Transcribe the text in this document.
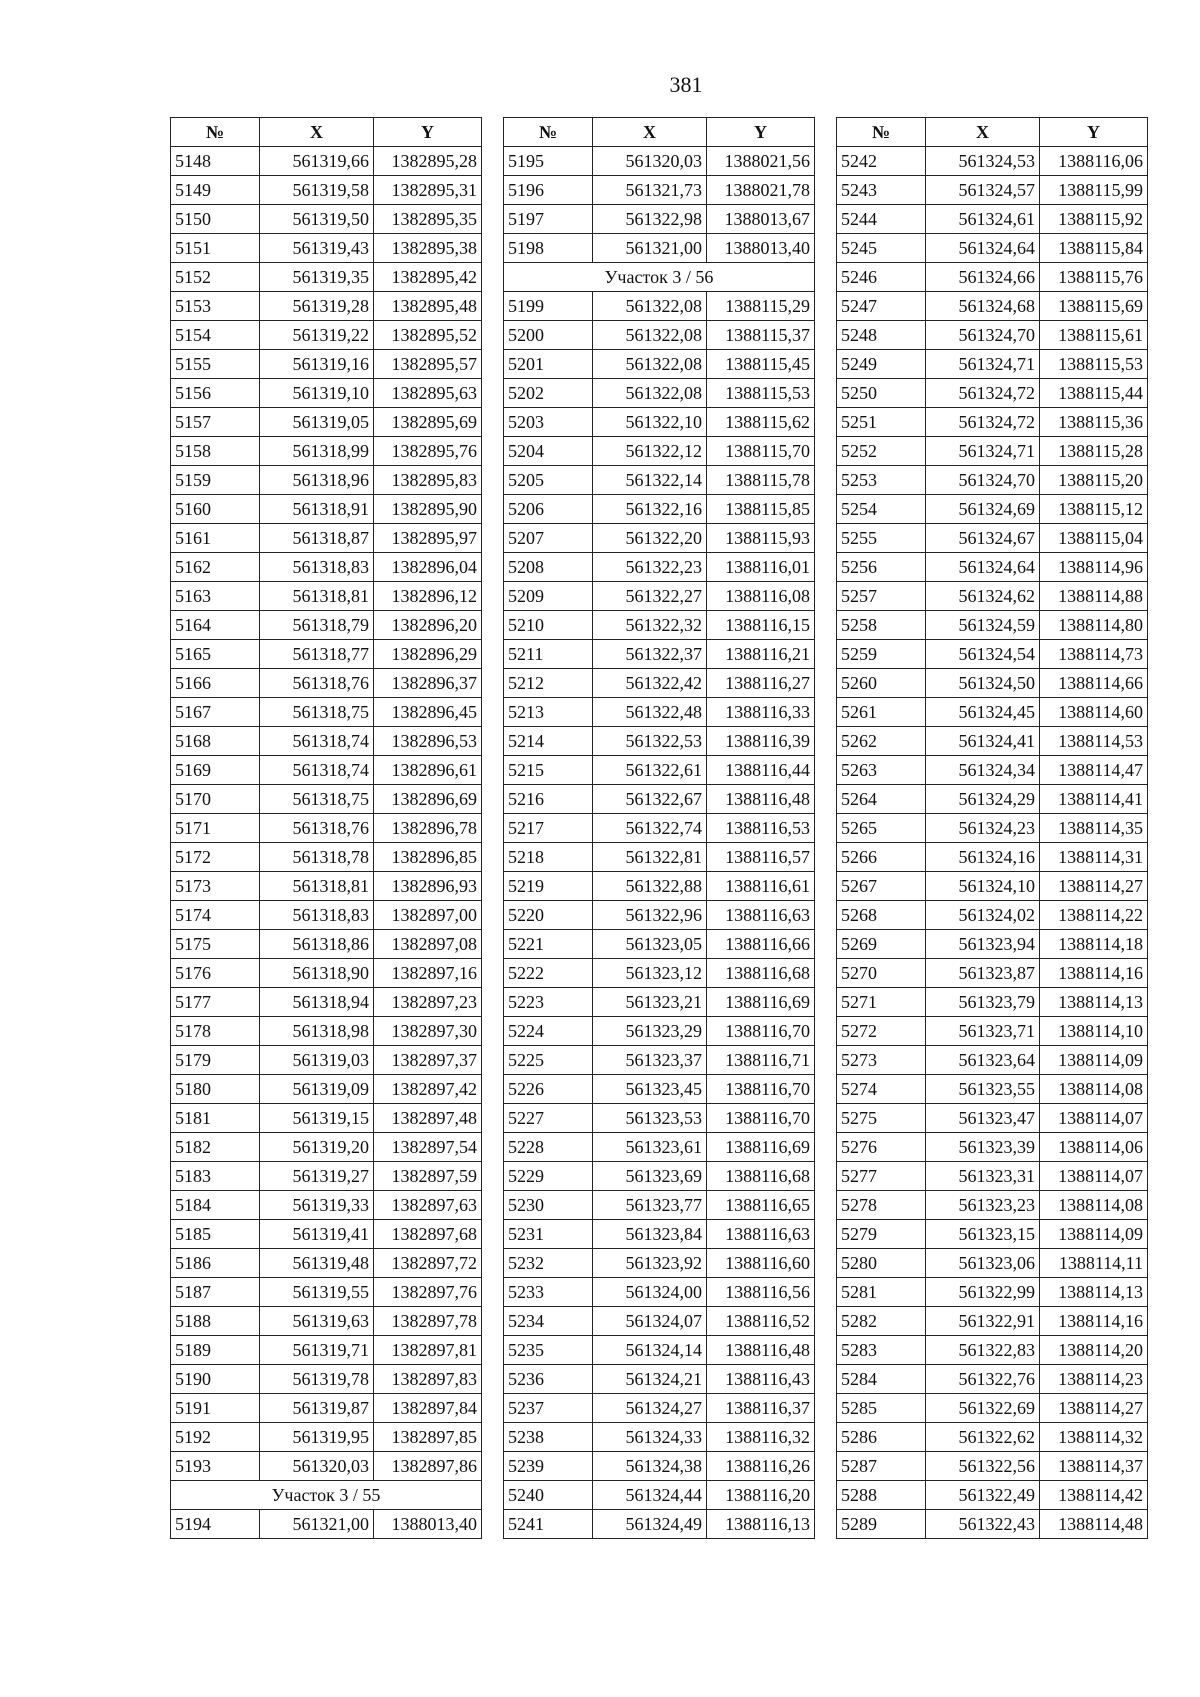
381
№	X	Y
5148	561319,66	1382895,28
5149	561319,58	1382895,31
5150	561319,50	1382895,35
5151	561319,43	1382895,38
5152	561319,35	1382895,42
5153	561319,28	1382895,48
5154	561319,22	1382895,52
5155	561319,16	1382895,57
5156	561319,10	1382895,63
5157	561319,05	1382895,69
5158	561318,99	1382895,76
5159	561318,96	1382895,83
5160	561318,91	1382895,90
5161	561318,87	1382895,97
5162	561318,83	1382896,04
5163	561318,81	1382896,12
5164	561318,79	1382896,20
5165	561318,77	1382896,29
5166	561318,76	1382896,37
5167	561318,75	1382896,45
5168	561318,74	1382896,53
5169	561318,74	1382896,61
5170	561318,75	1382896,69
5171	561318,76	1382896,78
5172	561318,78	1382896,85
5173	561318,81	1382896,93
5174	561318,83	1382897,00
5175	561318,86	1382897,08
5176	561318,90	1382897,16
5177	561318,94	1382897,23
5178	561318,98	1382897,30
5179	561319,03	1382897,37
5180	561319,09	1382897,42
5181	561319,15	1382897,48
5182	561319,20	1382897,54
5183	561319,27	1382897,59
5184	561319,33	1382897,63
5185	561319,41	1382897,68
5186	561319,48	1382897,72
5187	561319,55	1382897,76
5188	561319,63	1382897,78
5189	561319,71	1382897,81
5190	561319,78	1382897,83
5191	561319,87	1382897,84
5192	561319,95	1382897,85
5193	561320,03	1382897,86
Участок 3 / 55		
5194	561321,00	1388013,40
№	X	Y
5195	561320,03	1388021,56
5196	561321,73	1388021,78
5197	561322,98	1388013,67
5198	561321,00	1388013,40
Участок 3 / 56		
5199	561322,08	1388115,29
5200	561322,08	1388115,37
5201	561322,08	1388115,45
5202	561322,08	1388115,53
5203	561322,10	1388115,62
5204	561322,12	1388115,70
5205	561322,14	1388115,78
5206	561322,16	1388115,85
5207	561322,20	1388115,93
5208	561322,23	1388116,01
5209	561322,27	1388116,08
5210	561322,32	1388116,15
5211	561322,37	1388116,21
5212	561322,42	1388116,27
5213	561322,48	1388116,33
5214	561322,53	1388116,39
5215	561322,61	1388116,44
5216	561322,67	1388116,48
5217	561322,74	1388116,53
5218	561322,81	1388116,57
5219	561322,88	1388116,61
5220	561322,96	1388116,63
5221	561323,05	1388116,66
5222	561323,12	1388116,68
5223	561323,21	1388116,69
5224	561323,29	1388116,70
5225	561323,37	1388116,71
5226	561323,45	1388116,70
5227	561323,53	1388116,70
5228	561323,61	1388116,69
5229	561323,69	1388116,68
5230	561323,77	1388116,65
5231	561323,84	1388116,63
5232	561323,92	1388116,60
5233	561324,00	1388116,56
5234	561324,07	1388116,52
5235	561324,14	1388116,48
5236	561324,21	1388116,43
5237	561324,27	1388116,37
5238	561324,33	1388116,32
5239	561324,38	1388116,26
5240	561324,44	1388116,20
5241	561324,49	1388116,13
№	X	Y
5242	561324,53	1388116,06
5243	561324,57	1388115,99
5244	561324,61	1388115,92
5245	561324,64	1388115,84
5246	561324,66	1388115,76
5247	561324,68	1388115,69
5248	561324,70	1388115,61
5249	561324,71	1388115,53
5250	561324,72	1388115,44
5251	561324,72	1388115,36
5252	561324,71	1388115,28
5253	561324,70	1388115,20
5254	561324,69	1388115,12
5255	561324,67	1388115,04
5256	561324,64	1388114,96
5257	561324,62	1388114,88
5258	561324,59	1388114,80
5259	561324,54	1388114,73
5260	561324,50	1388114,66
5261	561324,45	1388114,60
5262	561324,41	1388114,53
5263	561324,34	1388114,47
5264	561324,29	1388114,41
5265	561324,23	1388114,35
5266	561324,16	1388114,31
5267	561324,10	1388114,27
5268	561324,02	1388114,22
5269	561323,94	1388114,18
5270	561323,87	1388114,16
5271	561323,79	1388114,13
5272	561323,71	1388114,10
5273	561323,64	1388114,09
5274	561323,55	1388114,08
5275	561323,47	1388114,07
5276	561323,39	1388114,06
5277	561323,31	1388114,07
5278	561323,23	1388114,08
5279	561323,15	1388114,09
5280	561323,06	1388114,11
5281	561322,99	1388114,13
5282	561322,91	1388114,16
5283	561322,83	1388114,20
5284	561322,76	1388114,23
5285	561322,69	1388114,27
5286	561322,62	1388114,32
5287	561322,56	1388114,37
5288	561322,49	1388114,42
5289	561322,43	1388114,48
